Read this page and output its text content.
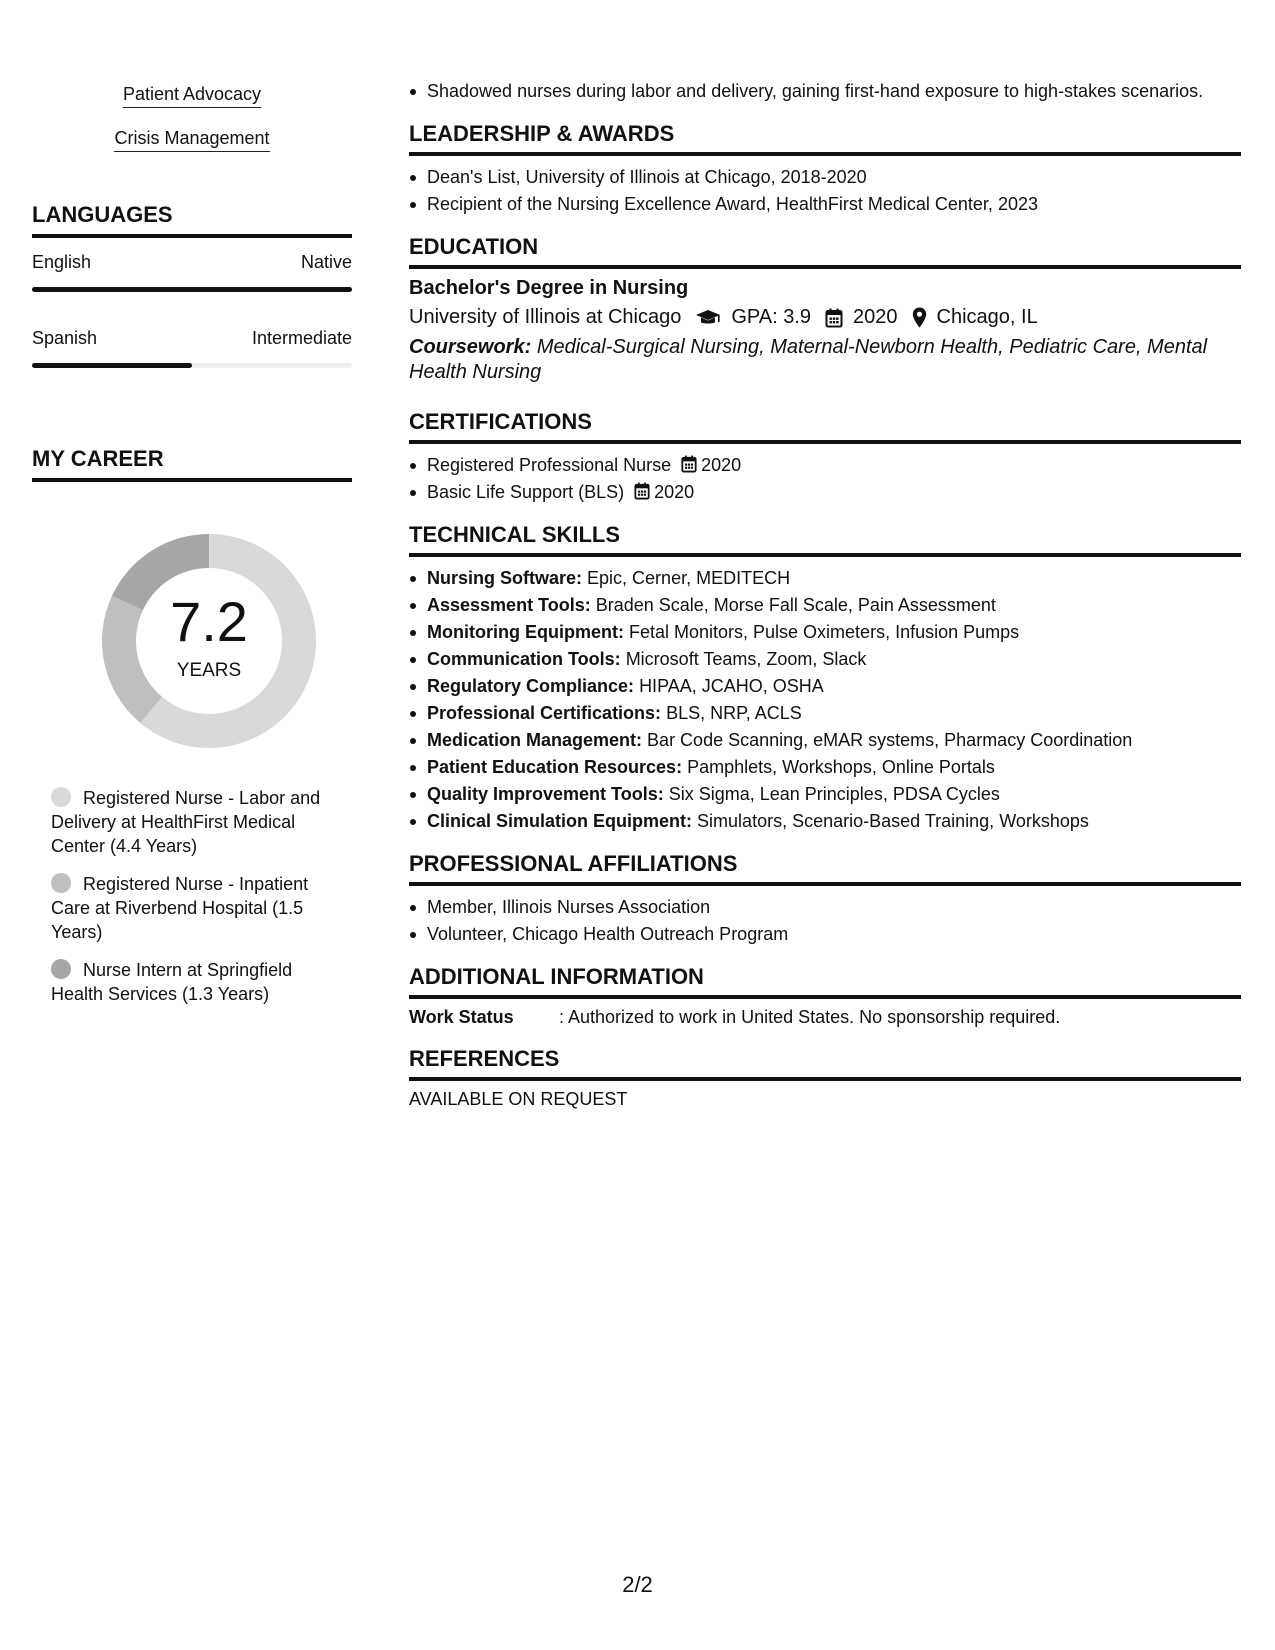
Patient Advocacy
Crisis Management
LANGUAGES
English	Native
Spanish	Intermediate
MY CAREER
7.2
YEARS
Registered Nurse - Labor and Delivery at HealthFirst Medical Center (4.4 Years)
Registered Nurse - Inpatient Care at Riverbend Hospital (1.5 Years)
Nurse Intern at Springfield Health Services (1.3 Years)
Shadowed nurses during labor and delivery, gaining first-hand exposure to high-stakes scenarios.
LEADERSHIP & AWARDS
Dean's List, University of Illinois at Chicago, 2018-2020
Recipient of the Nursing Excellence Award, HealthFirst Medical Center, 2023
EDUCATION
Bachelor's Degree in Nursing
University of Illinois at Chicago	GPA: 3.9 2020 Chicago, IL
Coursework: Medical-Surgical Nursing, Maternal-Newborn Health, Pediatric Care, Mental Health Nursing
CERTIFICATIONS
Registered Professional Nurse 2020
Basic Life Support (BLS) 2020
TECHNICAL SKILLS
Nursing Software: Epic, Cerner, MEDITECH
Assessment Tools: Braden Scale, Morse Fall Scale, Pain Assessment
Monitoring Equipment: Fetal Monitors, Pulse Oximeters, Infusion Pumps
Communication Tools: Microsoft Teams, Zoom, Slack
Regulatory Compliance: HIPAA, JCAHO, OSHA
Professional Certifications: BLS, NRP, ACLS
Medication Management: Bar Code Scanning, eMAR systems, Pharmacy Coordination
Patient Education Resources: Pamphlets, Workshops, Online Portals
Quality Improvement Tools: Six Sigma, Lean Principles, PDSA Cycles
Clinical Simulation Equipment: Simulators, Scenario-Based Training, Workshops
PROFESSIONAL AFFILIATIONS
Member, Illinois Nurses Association
Volunteer, Chicago Health Outreach Program
ADDITIONAL INFORMATION
Work Status	: Authorized to work in United States. No sponsorship required.
REFERENCES
AVAILABLE ON REQUEST
2/2
